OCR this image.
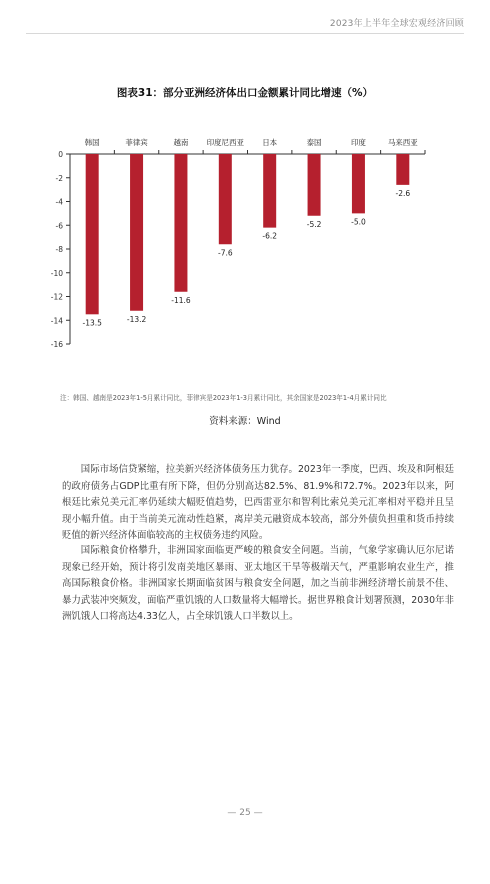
2023年上半年全球宏观经济回顾
图表31：部分亚洲经济体出口金额累计同比增速（%）
0
-2
-4
-6
-8
-10
-12
-14
-16
韩国
-13.5
菲律宾
-13.2
越南
-11.6
印度尼西亚
-7.6
日本
-6.2
泰国
-5.2
印度
-5.0
马来西亚
-2.6
注：韩国、越南是2023年1-5月累计同比，菲律宾是2023年1-3月累计同比，其余国家是2023年1-4月累计同比
资料来源：Wind

国际市场信贷紧缩，拉美新兴经济体债务压力犹存。2023年一季度，巴西、埃及和阿根廷的政府债务占GDP比重有所下降，但仍分别高达82.5%、81.9%和72.7%。2023年以来，阿根廷比索兑美元汇率仍延续大幅贬值趋势，巴西雷亚尔和智利比索兑美元汇率相对平稳并且呈现小幅升值。由于当前美元流动性趋紧，离岸美元融资成本较高，部分外债负担重和货币持续贬值的新兴经济体面临较高的主权债务违约风险。

国际粮食价格攀升，非洲国家面临更严峻的粮食安全问题。当前，气象学家确认厄尔尼诺现象已经开始，预计将引发南美地区暴雨、亚太地区干旱等极端天气，严重影响农业生产，推高国际粮食价格。非洲国家长期面临贫困与粮食安全问题，加之当前非洲经济增长前景不佳、暴力武装冲突频发，面临严重饥饿的人口数量将大幅增长。据世界粮食计划署预测，2030年非洲饥饿人口将高达4.33亿人，占全球饥饿人口半数以上。

— 25 —
